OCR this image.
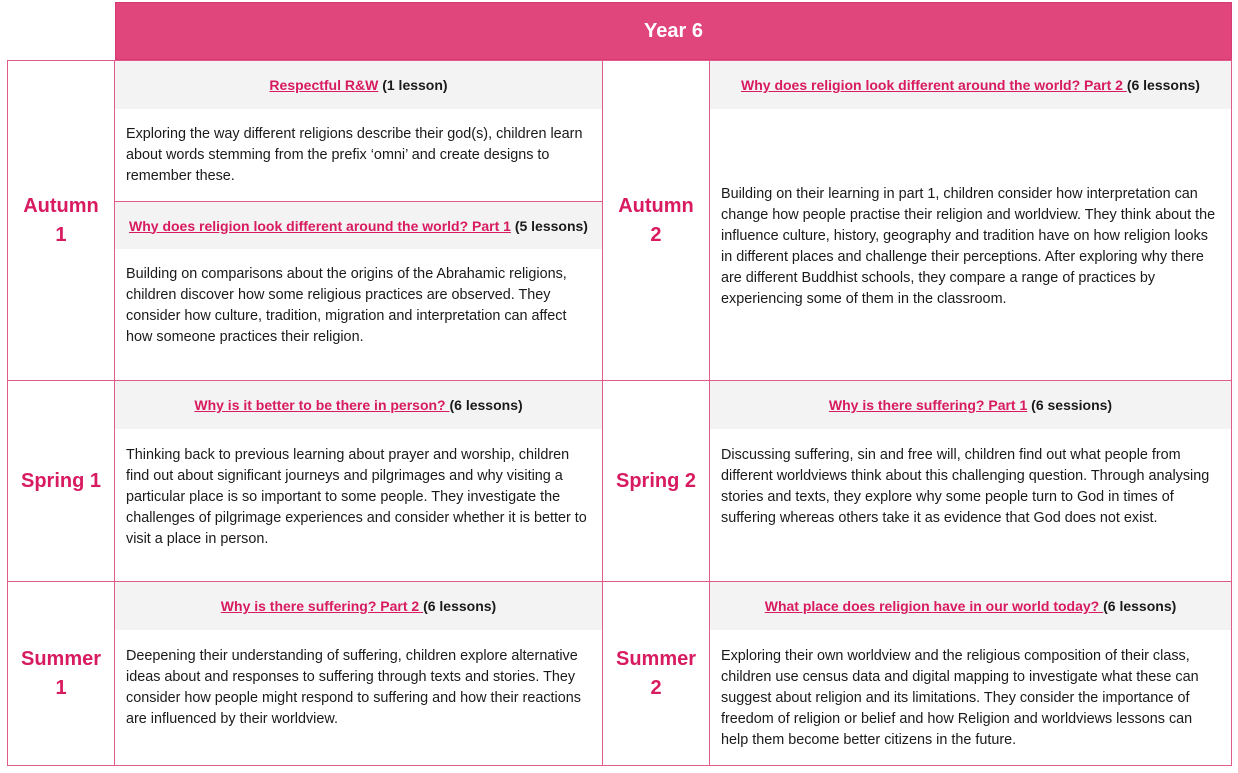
Year 6
Autumn
1
Respectful R&W (1 lesson)

Exploring the way different religions describe their god(s), children learn about words stemming from the prefix ‘omni’ and create designs to remember these.

Why does religion look different around the world? Part 1 (5 lessons)

Building on comparisons about the origins of the Abrahamic religions, children discover how some religious practices are observed. They consider how culture, tradition, migration and interpretation can affect how someone practices their religion.

Autumn
2
Why does religion look different around the world? Part 2 (6 lessons)

Building on their learning in part 1, children consider how interpretation can change how people practise their religion and worldview. They think about the influence culture, history, geography and tradition have on how religion looks in different places and challenge their perceptions. After exploring why there are different Buddhist schools, they compare a range of practices by experiencing some of them in the classroom.

Spring 1
Why is it better to be there in person? (6 lessons)

Thinking back to previous learning about prayer and worship, children find out about significant journeys and pilgrimages and why visiting a particular place is so important to some people. They investigate the challenges of pilgrimage experiences and consider whether it is better to visit a place in person.

Spring 2
Why is there suffering? Part 1 (6 sessions)

Discussing suffering, sin and free will, children find out what people from different worldviews think about this challenging question. Through analysing stories and texts, they explore why some people turn to God in times of suffering whereas others take it as evidence that God does not exist.

Summer
1
Why is there suffering? Part 2 (6 lessons)

Deepening their understanding of suffering, children explore alternative ideas about and responses to suffering through texts and stories. They consider how people might respond to suffering and how their reactions are influenced by their worldview.

Summer
2
What place does religion have in our world today? (6 lessons)

Exploring their own worldview and the religious composition of their class, children use census data and digital mapping to investigate what these can suggest about religion and its limitations. They consider the importance of freedom of religion or belief and how Religion and worldviews lessons can help them become better citizens in the future.
